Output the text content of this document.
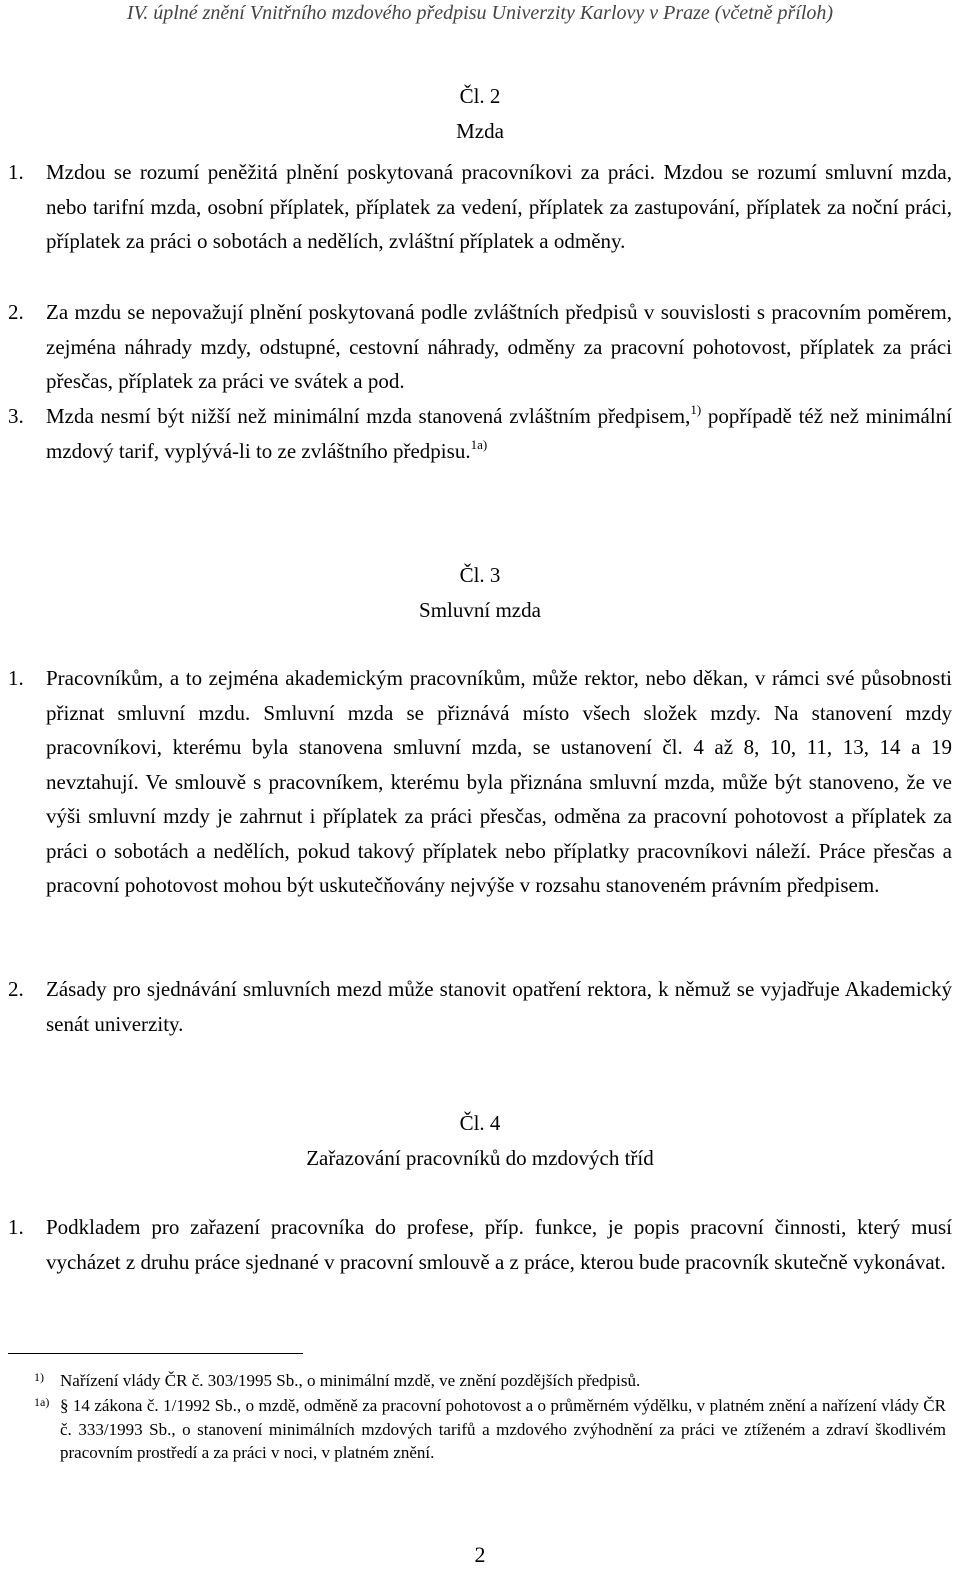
IV. úplné znění Vnitřního mzdového předpisu Univerzity Karlovy v Praze (včetně příloh)
Čl. 2
Mzda
1. Mzdou se rozumí peněžitá plnění poskytovaná pracovníkovi za práci. Mzdou se rozumí smluvní mzda, nebo tarifní mzda, osobní příplatek, příplatek za vedení, příplatek za zastupování, příplatek za noční práci, příplatek za práci o sobotách a nedělích, zvláštní příplatek a odměny.
2. Za mzdu se nepovažují plnění poskytovaná podle zvláštních předpisů v souvislosti s pracovním poměrem, zejména náhrady mzdy, odstupné, cestovní náhrady, odměny za pracovní pohotovost, příplatek za práci přesčas, příplatek za práci ve svátek a pod.
3. Mzda nesmí být nižší než minimální mzda stanovená zvláštním předpisem,$^{1)}$ popřípadě též než minimální mzdový tarif, vyplývá-li to ze zvláštního předpisu.$^{1a)}$
Čl. 3
Smluvní mzda
1. Pracovníkům, a to zejména akademickým pracovníkům, může rektor, nebo děkan, v rámci své působnosti přiznat smluvní mzdu. Smluvní mzda se přiznává místo všech složek mzdy. Na stanovení mzdy pracovníkovi, kterému byla stanovena smluvní mzda, se ustanovení čl. 4 až 8, 10, 11, 13, 14 a 19 nevztahují. Ve smlouvě s pracovníkem, kterému byla přiznána smluvní mzda, může být stanoveno, že ve výši smluvní mzdy je zahrnut i příplatek za práci přesčas, odměna za pracovní pohotovost a příplatek za práci o sobotách a nedělích, pokud takový příplatek nebo příplatky pracovníkovi náleží. Práce přesčas a pracovní pohotovost mohou být uskutečňovány nejvýše v rozsahu stanoveném právním předpisem.
2. Zásady pro sjednávání smluvních mezd může stanovit opatření rektora, k němuž se vyjadřuje Akademický senát univerzity.
Čl. 4
Zařazování pracovníků do mzdových tříd
1. Podkladem pro zařazení pracovníka do profese, příp. funkce, je popis pracovní činnosti, který musí vycházet z druhu práce sjednané v pracovní smlouvě a z práce, kterou bude pracovník skutečně vykonávat.
1) Nařízení vlády ČR č. 303/1995 Sb., o minimální mzdě, ve znění pozdějších předpisů.
1a) § 14 zákona č. 1/1992 Sb., o mzdě, odměně za pracovní pohotovost a o průměrném výdělku, v platném znění a nařízení vlády ČR č. 333/1993 Sb., o stanovení minimálních mzdových tarifů a mzdového zvýhodnění za práci ve ztíženém a zdraví škodlivém pracovním prostředí a za práci v noci, v platném znění.
2
